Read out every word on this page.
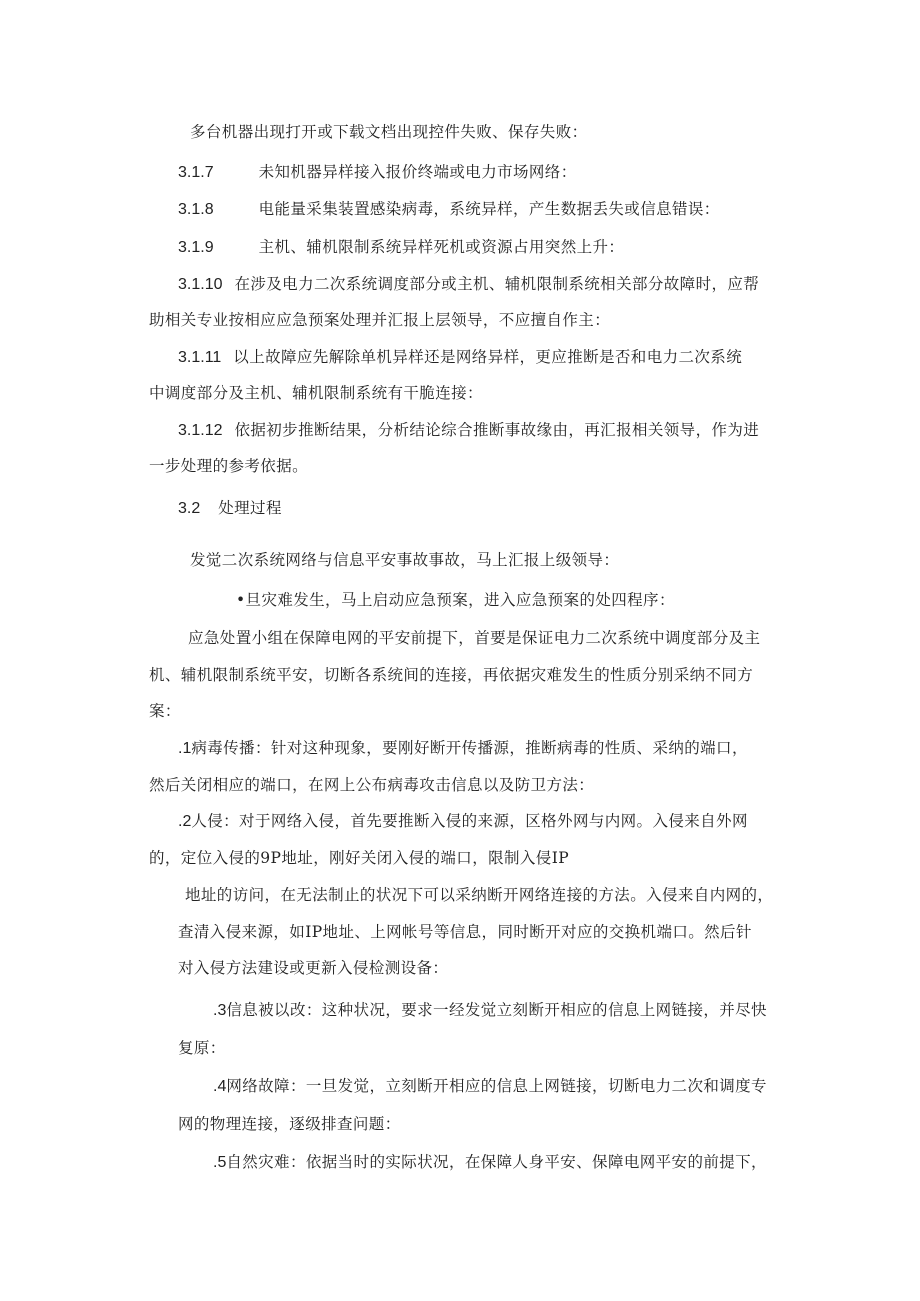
多台机器出现打开或下载文档出现控件失败、保存失败：
3.1.7	未知机器异样接入报价终端或电力市场网络：
3.1.8	电能量采集装置感染病毒，系统异样，产生数据丢失或信息错误：
3.1.9	主机、辅机限制系统异样死机或资源占用突然上升：
3.1.10 在涉及电力二次系统调度部分或主机、辅机限制系统相关部分故障时，应帮
助相关专业按相应应急预案处理并汇报上层领导，不应擅自作主：
3.1.11 以上故障应先解除单机异样还是网络异样，更应推断是否和电力二次系统
中调度部分及主机、辅机限制系统有干脆连接：
3.1.12 依据初步推断结果，分析结论综合推断事故缘由，再汇报相关领导，作为进
一步处理的参考依据。
3.2 处理过程
发觉二次系统网络与信息平安事故事故，马上汇报上级领导：
•旦灾难发生，马上启动应急预案，进入应急预案的处四程序：
应急处置小组在保障电网的平安前提下，首要是保证电力二次系统中调度部分及主
机、辅机限制系统平安，切断各系统间的连接，再依据灾难发生的性质分别采纳不同方
案：
.1病毒传播：针对这种现象，要刚好断开传播源，推断病毒的性质、采纳的端口，
然后关闭相应的端口，在网上公布病毒攻击信息以及防卫方法：
.2人侵：对于网络入侵，首先要推断入侵的来源，区格外网与内网。入侵来自外网
的，定位入侵的9P地址，刚好关闭入侵的端口，限制入侵IP
地址的访问，在无法制止的状况下可以采纳断开网络连接的方法。入侵来自内网的，
查清入侵来源，如IP地址、上网帐号等信息，同时断开对应的交换机端口。然后针
对入侵方法建设或更新入侵检测设备：
.3信息被以改：这种状况，要求一经发觉立刻断开相应的信息上网链接，并尽快
复原：
.4网络故障：一旦发觉，立刻断开相应的信息上网链接，切断电力二次和调度专
网的物理连接，逐级排查问题：
.5自然灾难：依据当时的实际状况，在保障人身平安、保障电网平安的前提下，
